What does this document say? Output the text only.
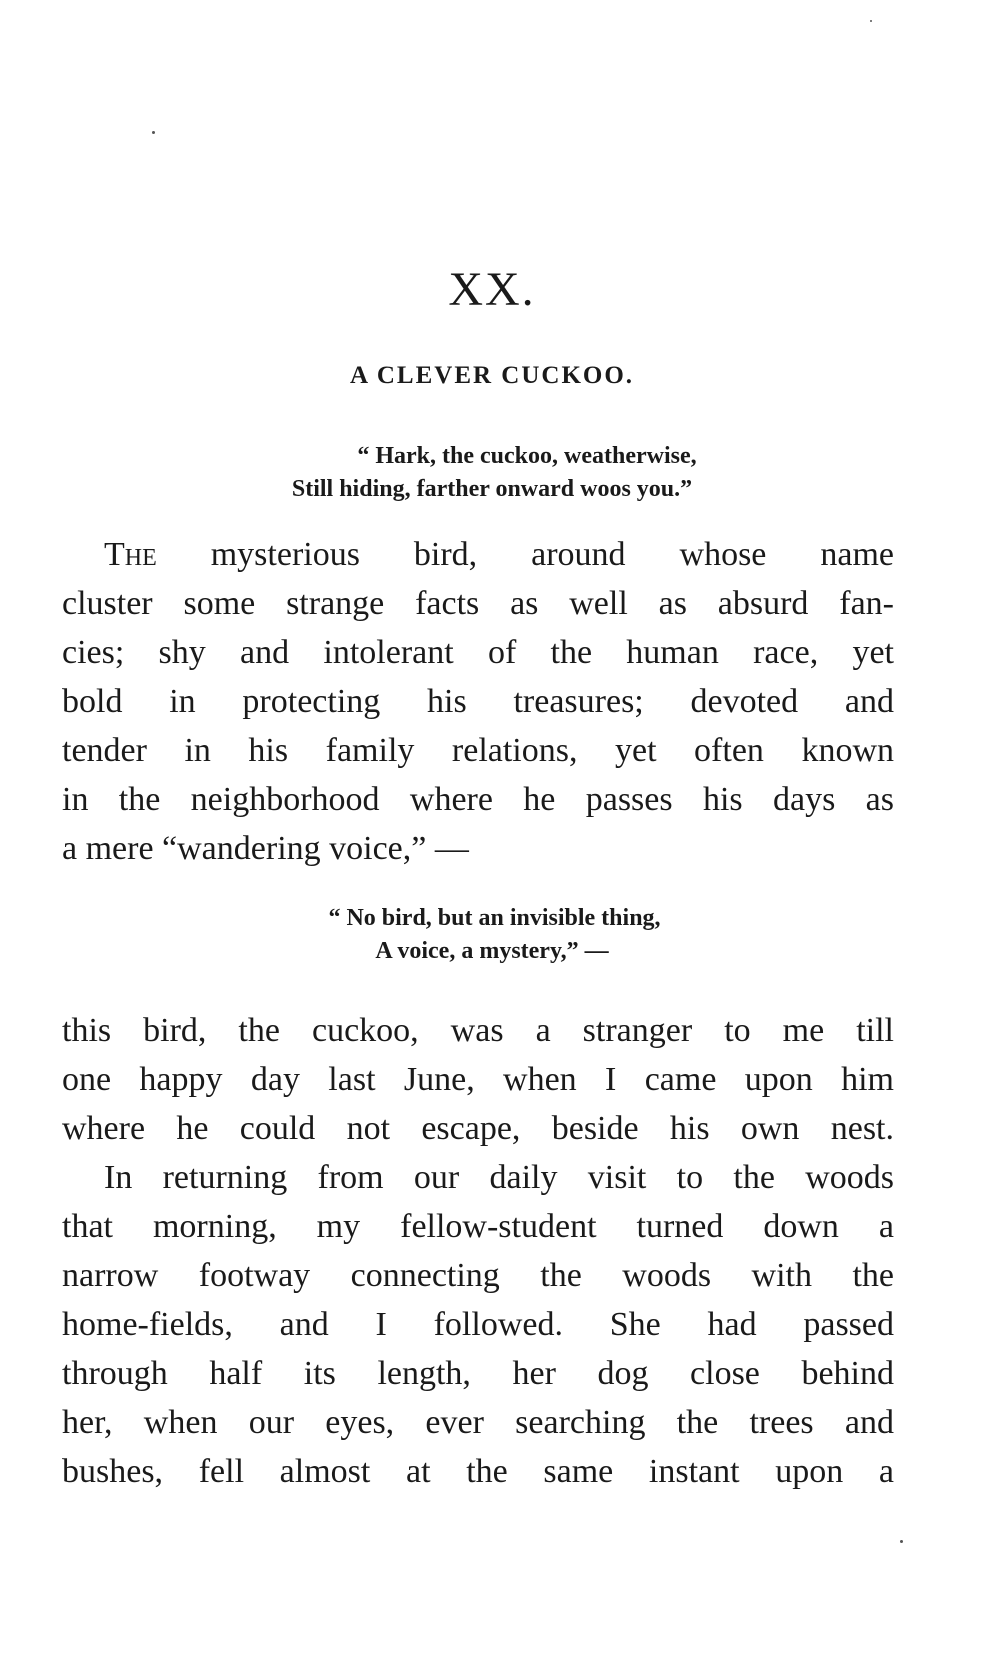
XX.
A CLEVER CUCKOO.
“ Hark, the cuckoo, weatherwise,
Still hiding, farther onward woos you.”
The mysterious bird, around whose name
cluster some strange facts as well as absurd fan-
cies; shy and intolerant of the human race, yet
bold in protecting his treasures; devoted and
tender in his family relations, yet often known
in the neighborhood where he passes his days as
a mere “wandering voice,” —
“ No bird, but an invisible thing,
A voice, a mystery,” —
this bird, the cuckoo, was a stranger to me till
one happy day last June, when I came upon him
where he could not escape, beside his own nest.
In returning from our daily visit to the woods
that morning, my fellow-student turned down a
narrow footway connecting the woods with the
home-fields, and I followed. She had passed
through half its length, her dog close behind
her, when our eyes, ever searching the trees and
bushes, fell almost at the same instant upon a
